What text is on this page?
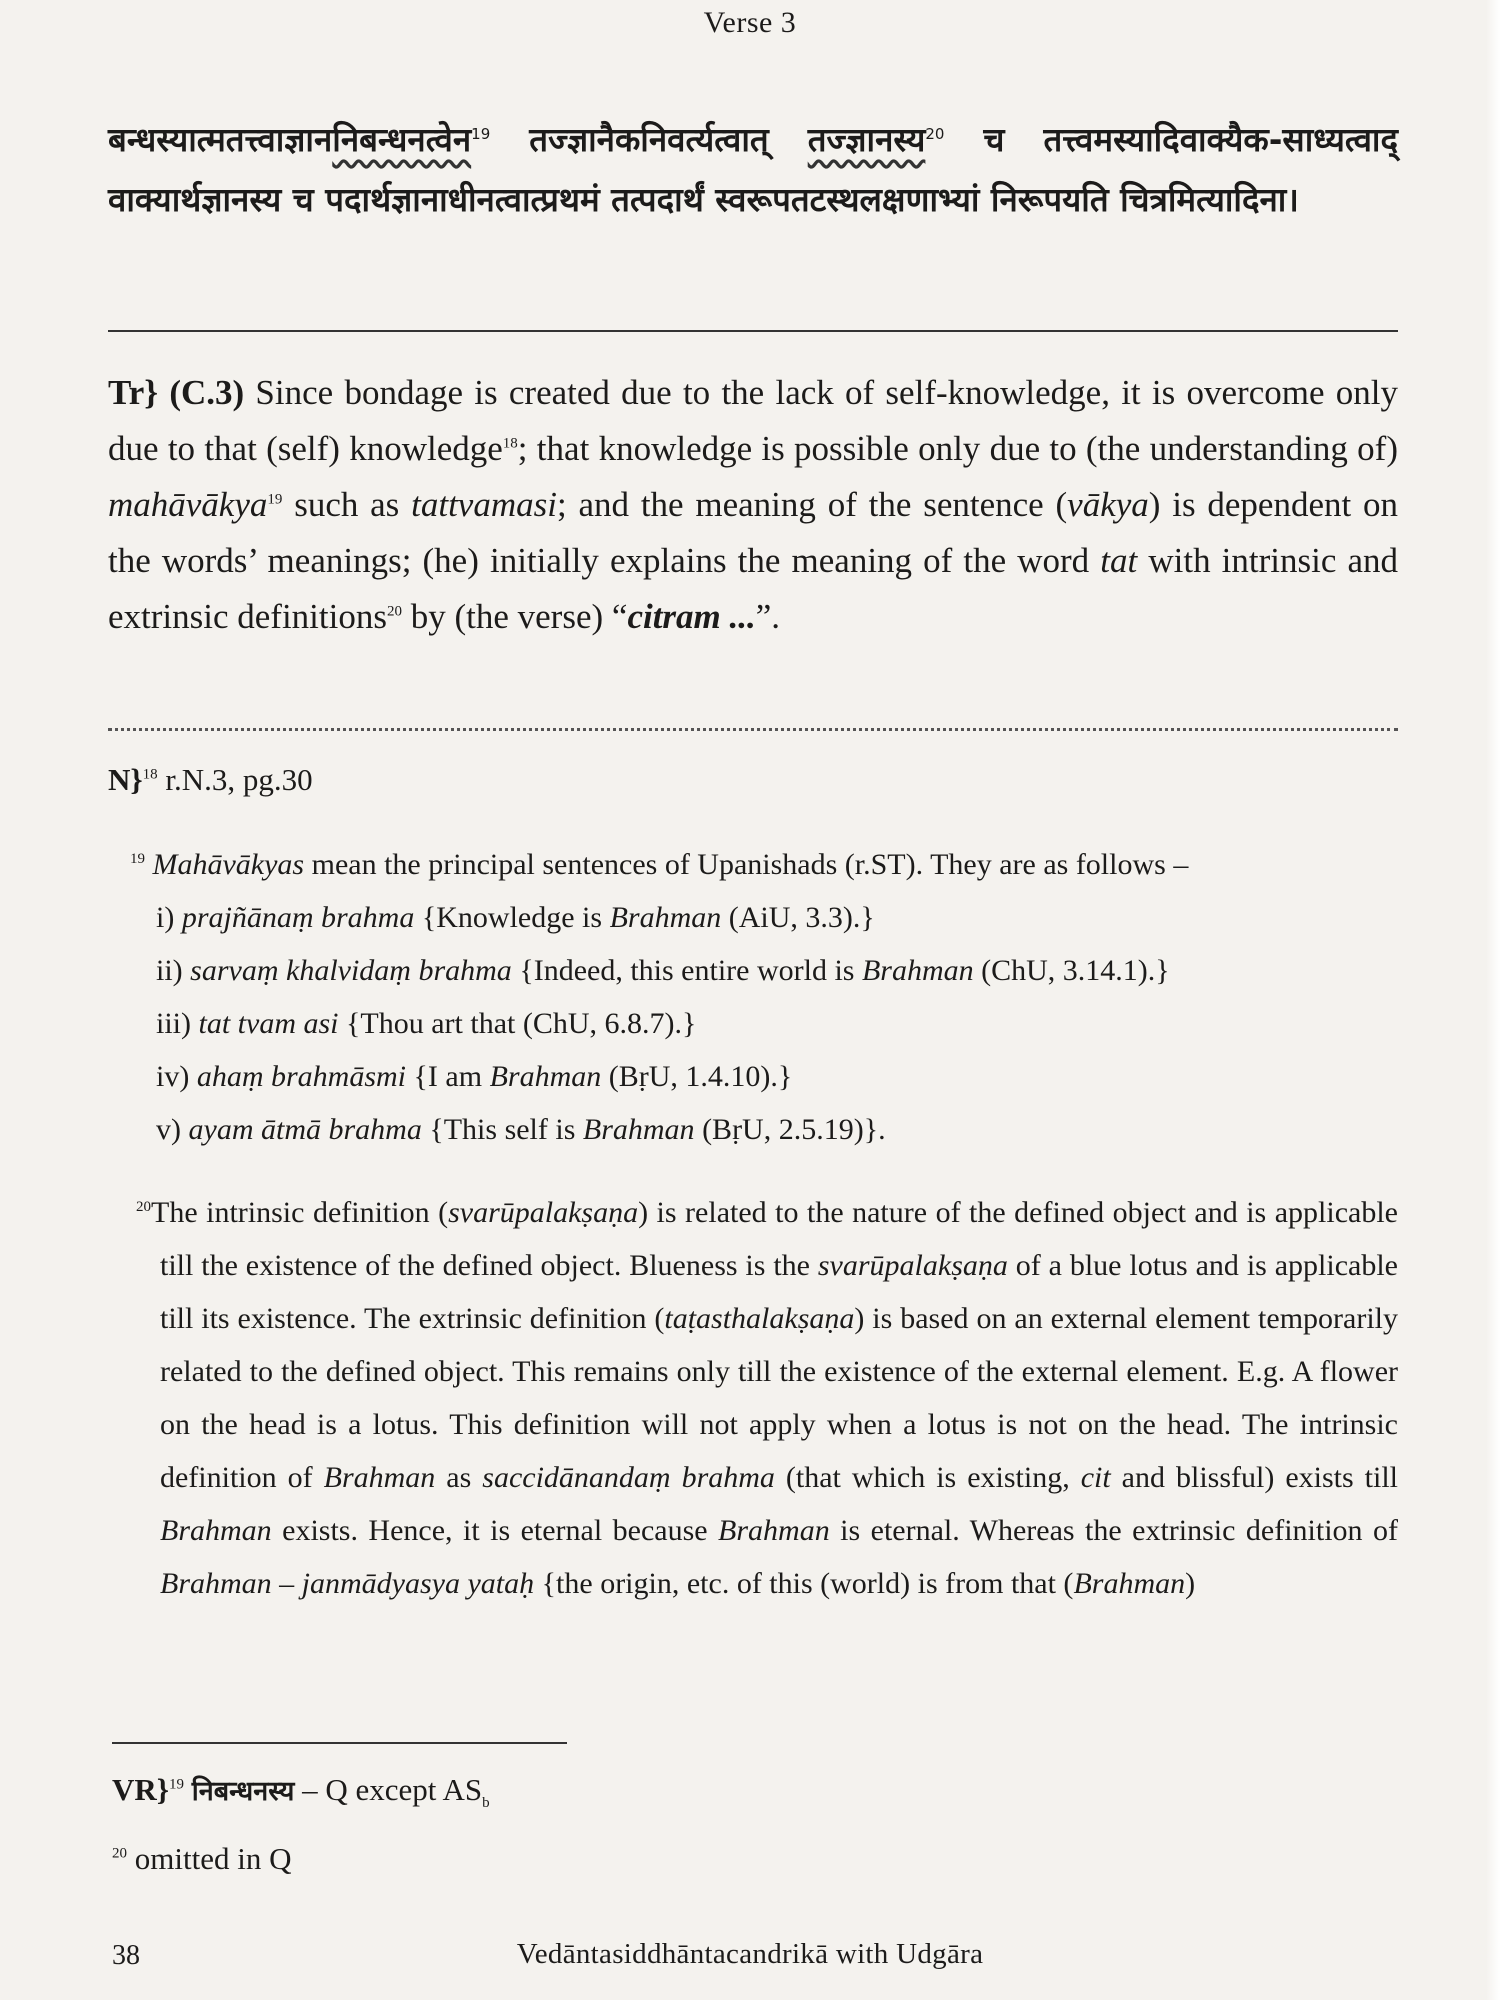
Verse 3
बन्धस्यात्मतत्त्वाज्ञाननिबन्धनत्वेन$^{19}$ तज्ज्ञानैकनिवर्त्यत्वात् तज्ज्ञानस्य$^{20}$ च तत्त्वमस्यादिवाक्यैक-साध्यत्वाद् वाक्यार्थज्ञानस्य च पदार्थज्ञानाधीनत्वात्प्रथमं तत्पदार्थं स्वरूपतटस्थलक्षणाभ्यां निरूपयति चित्रमित्यादिना।
Tr} (C.3) Since bondage is created due to the lack of self-knowledge, it is overcome only due to that (self) knowledge$^{18}$; that knowledge is possible only due to (the understanding of) mahāvākya$^{19}$ such as tattvamasi; and the meaning of the sentence (vākya) is dependent on the words’ meanings; (he) initially explains the meaning of the word tat with intrinsic and extrinsic definitions$^{20}$ by (the verse) “citram ...”.
N}$^{18}$ r.N.3, pg.30
$^{19}$ Mahāvākyas mean the principal sentences of Upanishads (r.ST). They are as follows –
i) prajñānaṃ brahma {Knowledge is Brahman (AiU, 3.3).}
ii) sarvaṃ khalvidaṃ brahma {Indeed, this entire world is Brahman (ChU, 3.14.1).}
iii) tat tvam asi {Thou art that (ChU, 6.8.7).}
iv) ahaṃ brahmāsmi {I am Brahman (BṛU, 1.4.10).}
v) ayam ātmā brahma {This self is Brahman (BṛU, 2.5.19)}.
$^{20}$The intrinsic definition (svarūpalakṣaṇa) is related to the nature of the defined object and is applicable till the existence of the defined object. Blueness is the svarūpalakṣaṇa of a blue lotus and is applicable till its existence. The extrinsic definition (taṭasthalakṣaṇa) is based on an external element temporarily related to the defined object. This remains only till the existence of the external element. E.g. A flower on the head is a lotus. This definition will not apply when a lotus is not on the head. The intrinsic definition of Brahman as saccidānandaṃ brahma (that which is existing, cit and blissful) exists till Brahman exists. Hence, it is eternal because Brahman is eternal. Whereas the extrinsic definition of Brahman – janmādyasya yataḥ {the origin, etc. of this (world) is from that (Brahman)
VR}$^{19}$ निबन्धनस्य – Q except $AS_b$
$^{20}$ omitted in Q
38	Vedāntasiddhāntacandrikā with Udgāra
